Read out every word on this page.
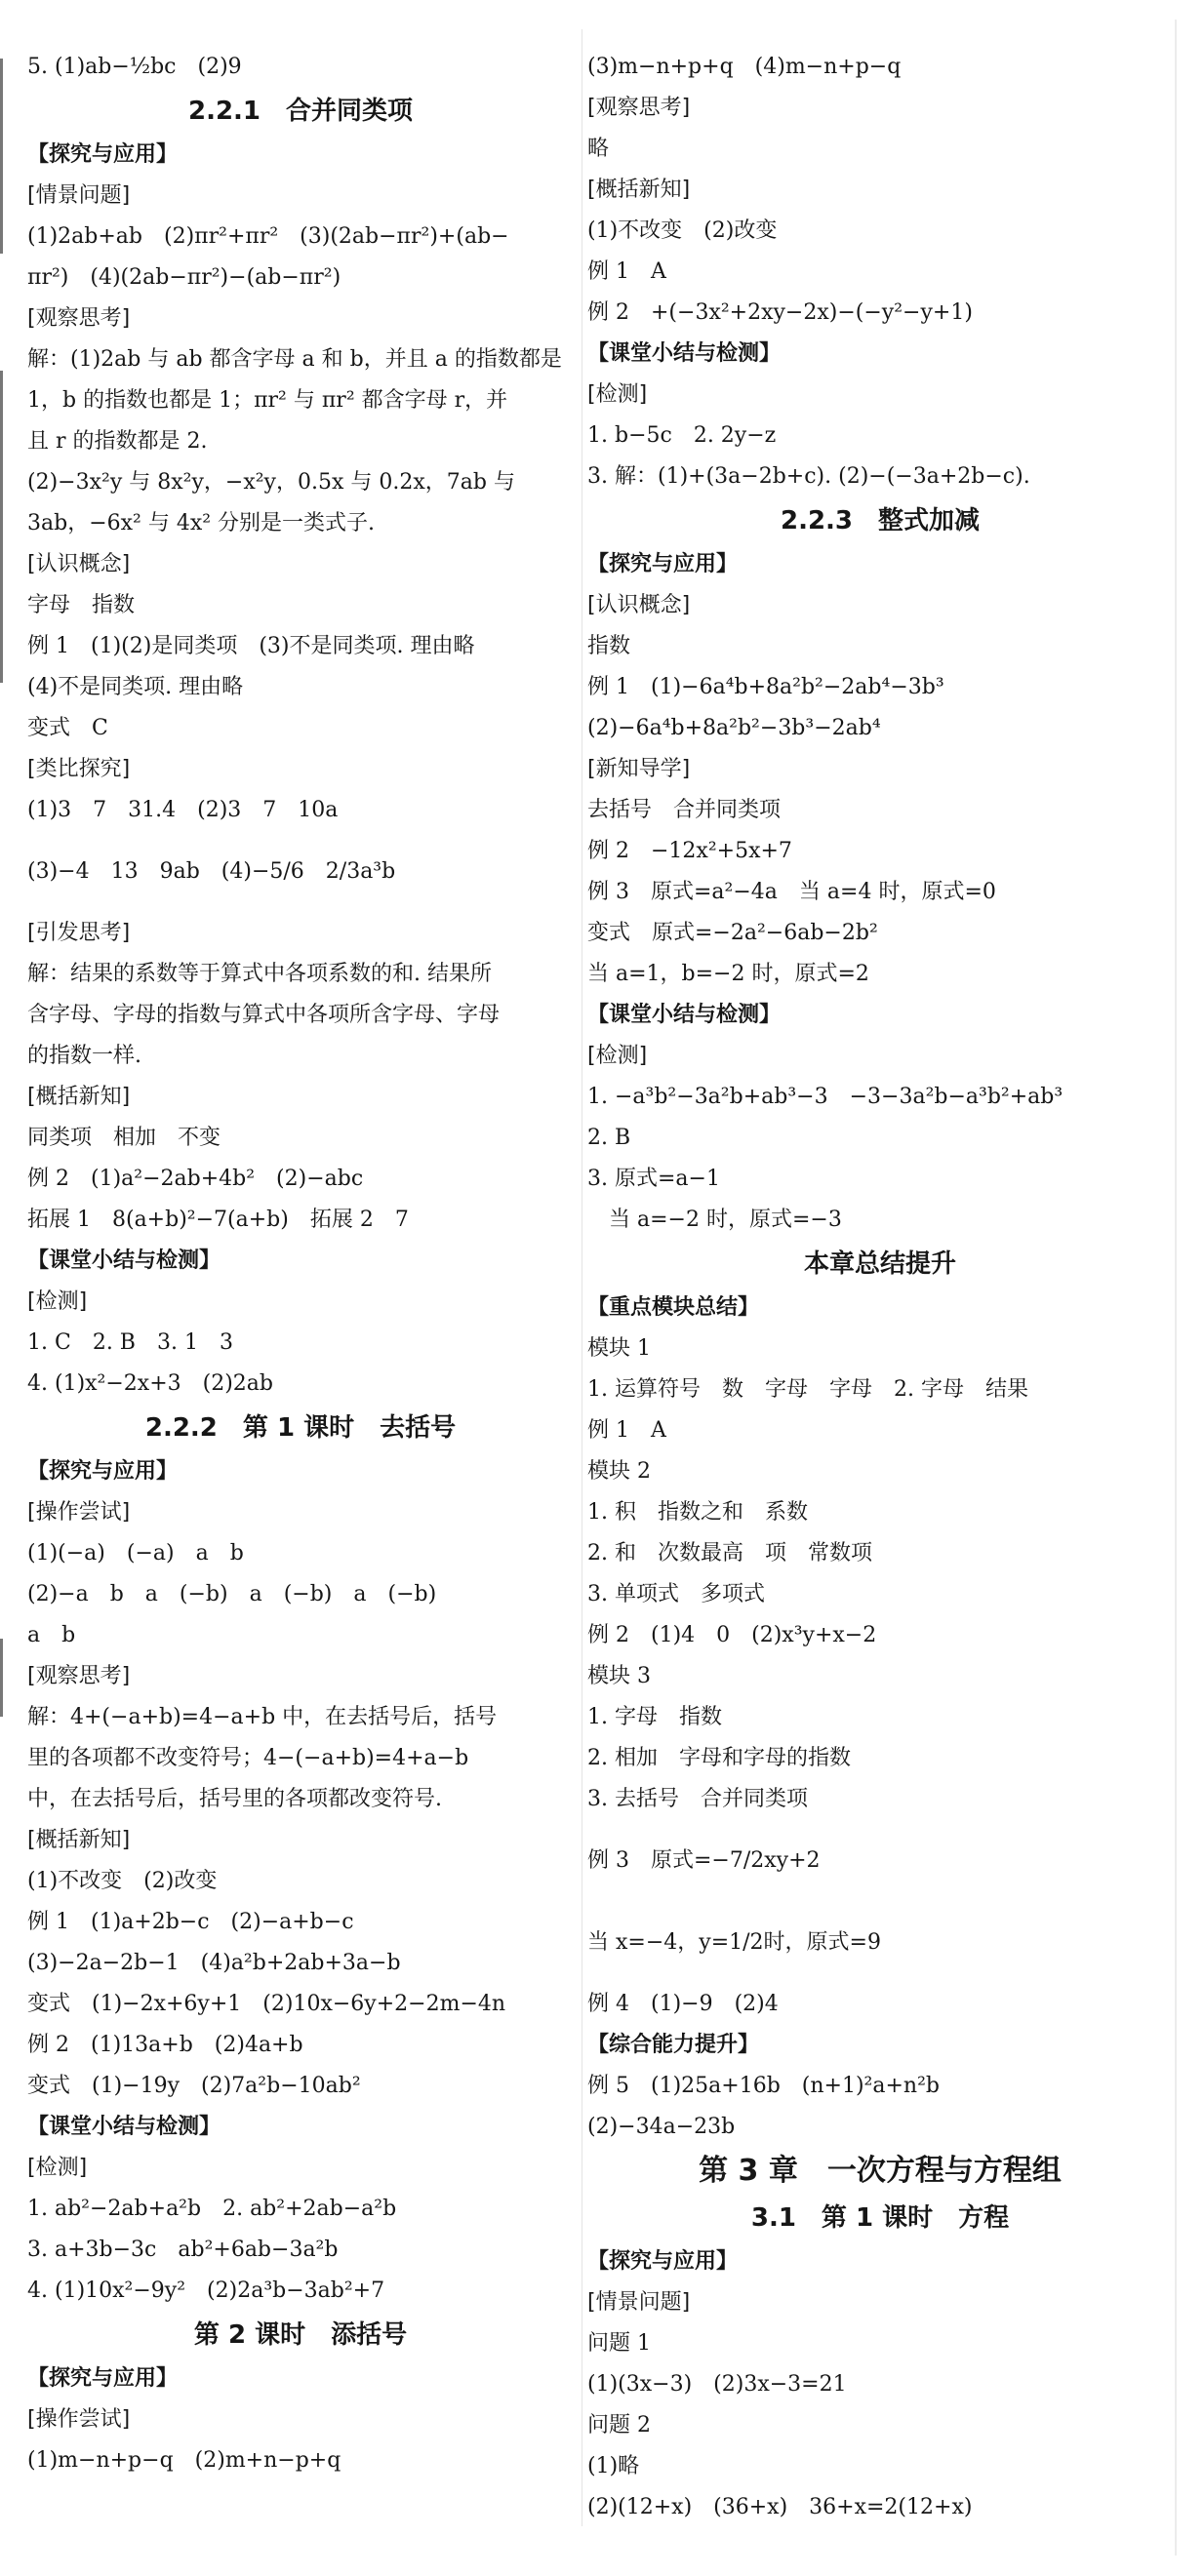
5. (1)ab−½bc　(2)9
2.2.1　合并同类项
【探究与应用】
[情景问题]
(1)2ab+ab　(2)πr²+πr²　(3)(2ab−πr²)+(ab−
πr²)　(4)(2ab−πr²)−(ab−πr²)
[观察思考]
解：(1)2ab 与 ab 都含字母 a 和 b，并且 a 的指数都是
1，b 的指数也都是 1；πr² 与 πr² 都含字母 r，并
且 r 的指数都是 2.
(2)−3x²y 与 8x²y，−x²y，0.5x 与 0.2x，7ab 与
3ab，−6x² 与 4x² 分别是一类式子.
[认识概念]
字母　指数
例 1　(1)(2)是同类项　(3)不是同类项. 理由略
(4)不是同类项. 理由略
变式　C
[类比探究]
(1)3　7　31.4　(2)3　7　10a
(3)−4　13　9ab　(4)−5/6　2/3a³b
[引发思考]
解：结果的系数等于算式中各项系数的和. 结果所
含字母、字母的指数与算式中各项所含字母、字母
的指数一样.
[概括新知]
同类项　相加　不变
例 2　(1)a²−2ab+4b²　(2)−abc
拓展 1　8(a+b)²−7(a+b)　拓展 2　7
【课堂小结与检测】
[检测]
1. C　2. B　3. 1　3
4. (1)x²−2x+3　(2)2ab
2.2.2　第 1 课时　去括号
【探究与应用】
[操作尝试]
(1)(−a)　(−a)　a　b
(2)−a　b　a　(−b)　a　(−b)　a　(−b)
a　b
[观察思考]
解：4+(−a+b)=4−a+b 中，在去括号后，括号
里的各项都不改变符号；4−(−a+b)=4+a−b
中，在去括号后，括号里的各项都改变符号.
[概括新知]
(1)不改变　(2)改变
例 1　(1)a+2b−c　(2)−a+b−c
(3)−2a−2b−1　(4)a²b+2ab+3a−b
变式　(1)−2x+6y+1　(2)10x−6y+2−2m−4n
例 2　(1)13a+b　(2)4a+b
变式　(1)−19y　(2)7a²b−10ab²
【课堂小结与检测】
[检测]
1. ab²−2ab+a²b　2. ab²+2ab−a²b
3. a+3b−3c　ab²+6ab−3a²b
4. (1)10x²−9y²　(2)2a³b−3ab²+7
第 2 课时　添括号
【探究与应用】
[操作尝试]
(1)m−n+p−q　(2)m+n−p+q
(3)m−n+p+q　(4)m−n+p−q
[观察思考]
略
[概括新知]
(1)不改变　(2)改变
例 1　A
例 2　+(−3x²+2xy−2x)−(−y²−y+1)
【课堂小结与检测】
[检测]
1. b−5c　2. 2y−z
3. 解：(1)+(3a−2b+c). (2)−(−3a+2b−c).
2.2.3　整式加减
【探究与应用】
[认识概念]
指数
例 1　(1)−6a⁴b+8a²b²−2ab⁴−3b³
(2)−6a⁴b+8a²b²−3b³−2ab⁴
[新知导学]
去括号　合并同类项
例 2　−12x²+5x+7
例 3　原式=a²−4a　当 a=4 时，原式=0
变式　原式=−2a²−6ab−2b²
当 a=1，b=−2 时，原式=2
【课堂小结与检测】
[检测]
1. −a³b²−3a²b+ab³−3　−3−3a²b−a³b²+ab³
2. B
3. 原式=a−1
　当 a=−2 时，原式=−3
本章总结提升
【重点模块总结】
模块 1
1. 运算符号　数　字母　字母　2. 字母　结果
例 1　A
模块 2
1. 积　指数之和　系数
2. 和　次数最高　项　常数项
3. 单项式　多项式
例 2　(1)4　0　(2)x³y+x−2
模块 3
1. 字母　指数
2. 相加　字母和字母的指数
3. 去括号　合并同类项
例 3　原式=−7/2xy+2
当 x=−4，y=1/2时，原式=9
例 4　(1)−9　(2)4
【综合能力提升】
例 5　(1)25a+16b　(n+1)²a+n²b
(2)−34a−23b
第 3 章　一次方程与方程组
3.1　第 1 课时　方程
【探究与应用】
[情景问题]
问题 1
(1)(3x−3)　(2)3x−3=21
问题 2
(1)略
(2)(12+x)　(36+x)　36+x=2(12+x)
